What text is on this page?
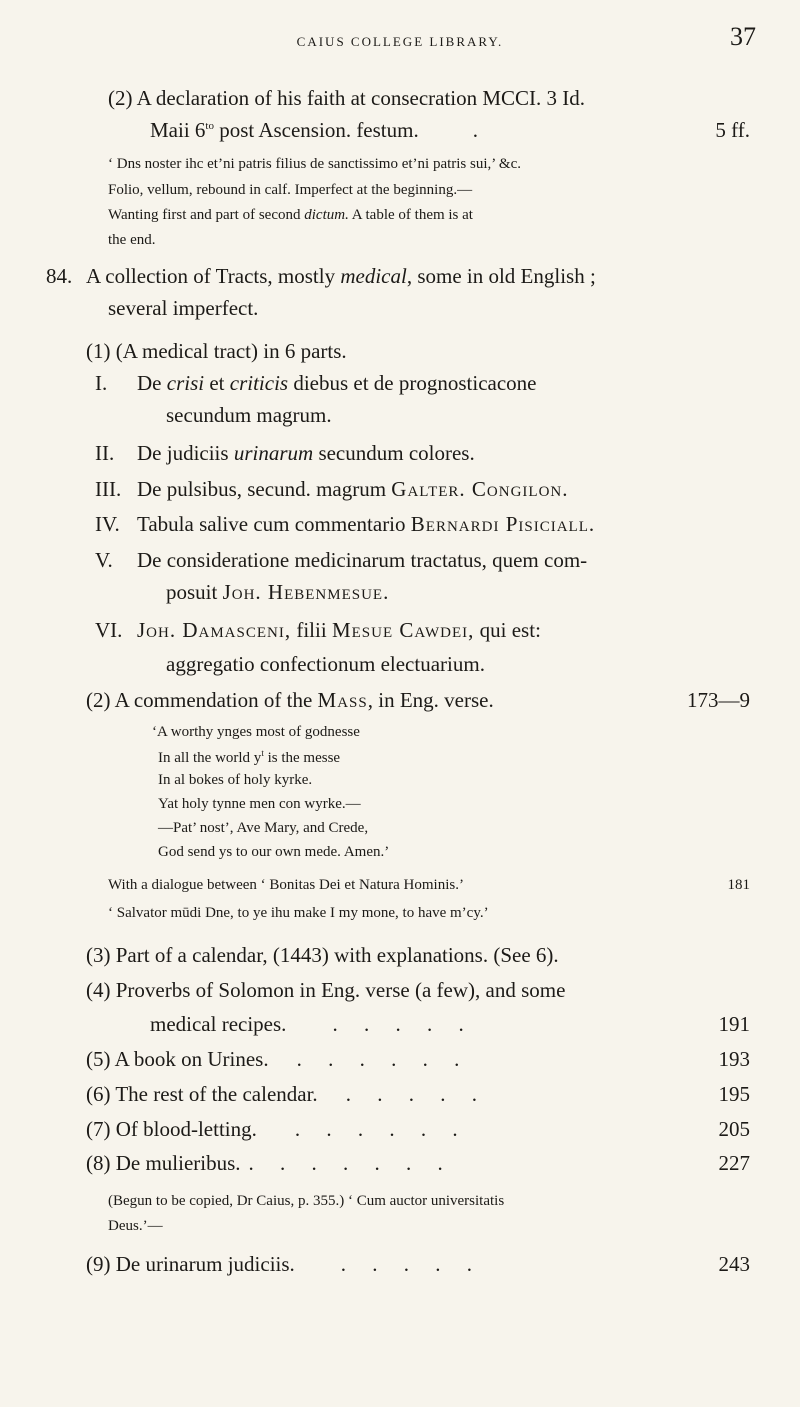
CAIUS COLLEGE LIBRARY.	37
(2) A declaration of his faith at consecration MCCI. 3 Id.
Maii $6^{to}$ post Ascension. festum.	.	5 ff.
‘ Dns noster ihc et’ni patris filius de sanctissimo et’ni patris sui,’ &c.
Folio, vellum, rebound in calf. Imperfect at the beginning.—
Wanting first and part of second dictum. A table of them is at
the end.
84. A collection of Tracts, mostly medical, some in old English ;
several imperfect.
(1) (A medical tract) in 6 parts.
I. De crisi et criticis diebus et de prognosticacone
secundum magrum.
II. De judiciis urinarum secundum colores.
III. De pulsibus, secund. magrum Galter. Congilon.
IV. Tabula salive cum commentario Bernardi Pisiciall.
V. De consideratione medicinarum tractatus, quem com-
posuit Joh. Hebenmesue.
VI. Joh. Damasceni, filii Mesue Cawdei, qui est:
aggregatio confectionum electuarium.
(2) A commendation of the Mass, in Eng. verse.	173—9
‘A worthy ynges most of godnesse
In all the world $y^t$ is the messe
In al bokes of holy kyrke.
Yat holy tynne men con wyrke.—
—Pat’ nost’, Ave Mary, and Crede,
God send ys to our own mede. Amen.’
With a dialogue between ‘ Bonitas Dei et Natura Hominis.’	181
‘ Salvator mūdi Dne, to ye ihu make I my mone, to have m’cy.’
(3) Part of a calendar, (1443) with explanations. (See 6).
(4) Proverbs of Solomon in Eng. verse (a few), and some
medical recipes. .     .     .     .     .	191
(5) A book on Urines. .     .     .     .     .     .	193
(6) The rest of the calendar. .     .     .     .     .	195
(7) Of blood-letting. .     .     .     .     .     .	205
(8) De mulieribus. .     .     .     .     .     .     .	227
(Begun to be copied, Dr Caius, p. 355.) ‘ Cum auctor universitatis
Deus.’—
(9) De urinarum judiciis. .     .     .     .     .	243
